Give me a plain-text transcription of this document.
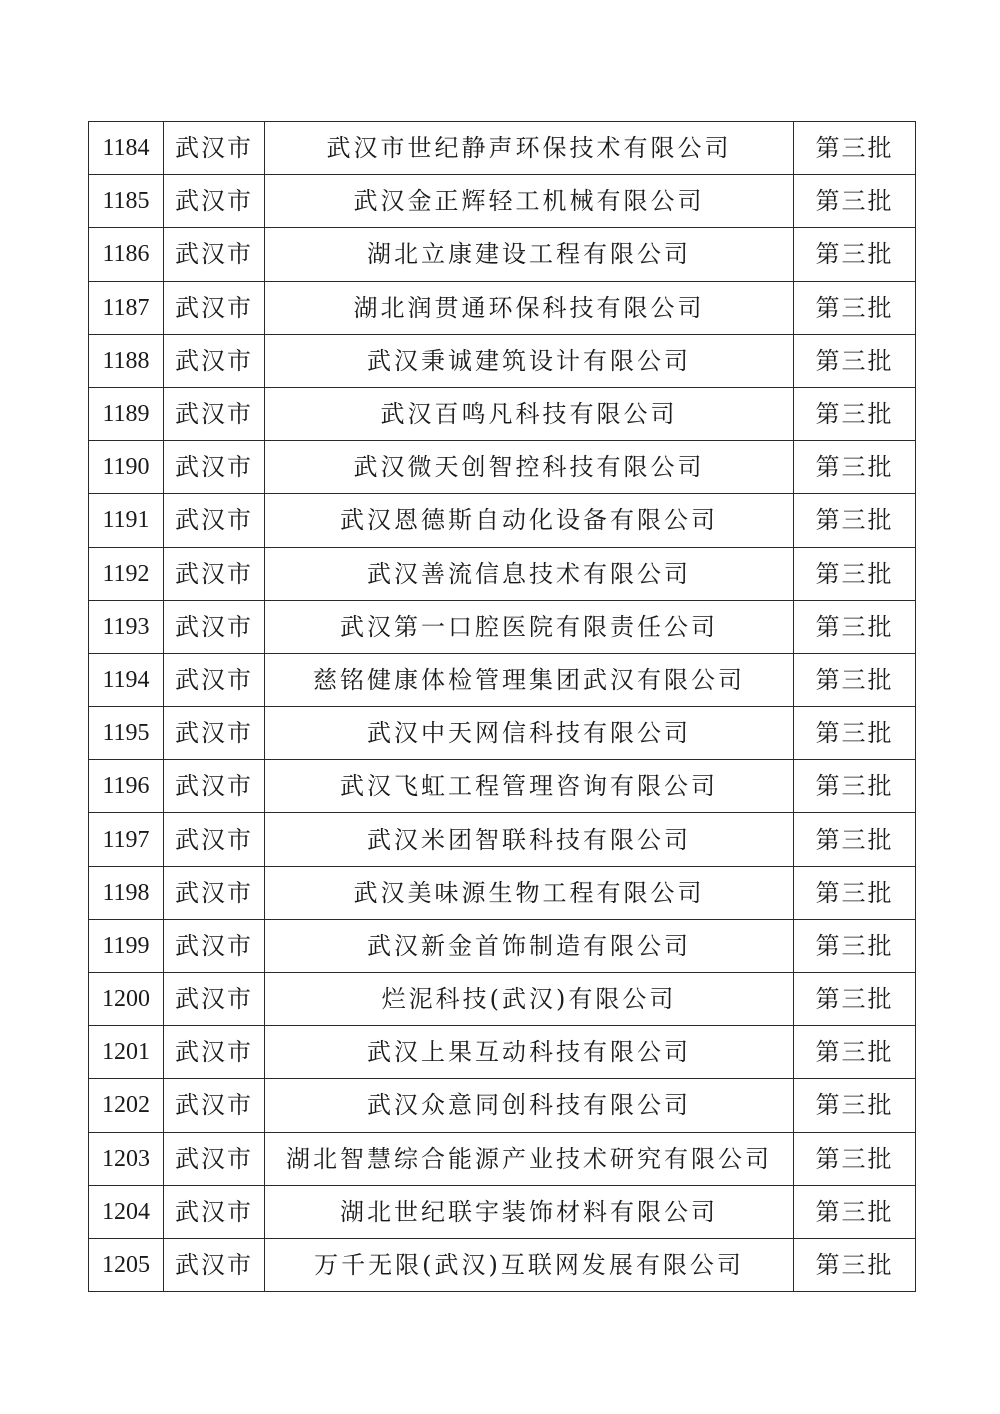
1184	武汉市	武汉市世纪静声环保技术有限公司	第三批
1185	武汉市	武汉金正辉轻工机械有限公司	第三批
1186	武汉市	湖北立康建设工程有限公司	第三批
1187	武汉市	湖北润贯通环保科技有限公司	第三批
1188	武汉市	武汉秉诚建筑设计有限公司	第三批
1189	武汉市	武汉百鸣凡科技有限公司	第三批
1190	武汉市	武汉微天创智控科技有限公司	第三批
1191	武汉市	武汉恩德斯自动化设备有限公司	第三批
1192	武汉市	武汉善流信息技术有限公司	第三批
1193	武汉市	武汉第一口腔医院有限责任公司	第三批
1194	武汉市	慈铭健康体检管理集团武汉有限公司	第三批
1195	武汉市	武汉中天网信科技有限公司	第三批
1196	武汉市	武汉飞虹工程管理咨询有限公司	第三批
1197	武汉市	武汉米团智联科技有限公司	第三批
1198	武汉市	武汉美味源生物工程有限公司	第三批
1199	武汉市	武汉新金首饰制造有限公司	第三批
1200	武汉市	烂泥科技(武汉)有限公司	第三批
1201	武汉市	武汉上果互动科技有限公司	第三批
1202	武汉市	武汉众意同创科技有限公司	第三批
1203	武汉市	湖北智慧综合能源产业技术研究有限公司	第三批
1204	武汉市	湖北世纪联宇装饰材料有限公司	第三批
1205	武汉市	万千无限(武汉)互联网发展有限公司	第三批
